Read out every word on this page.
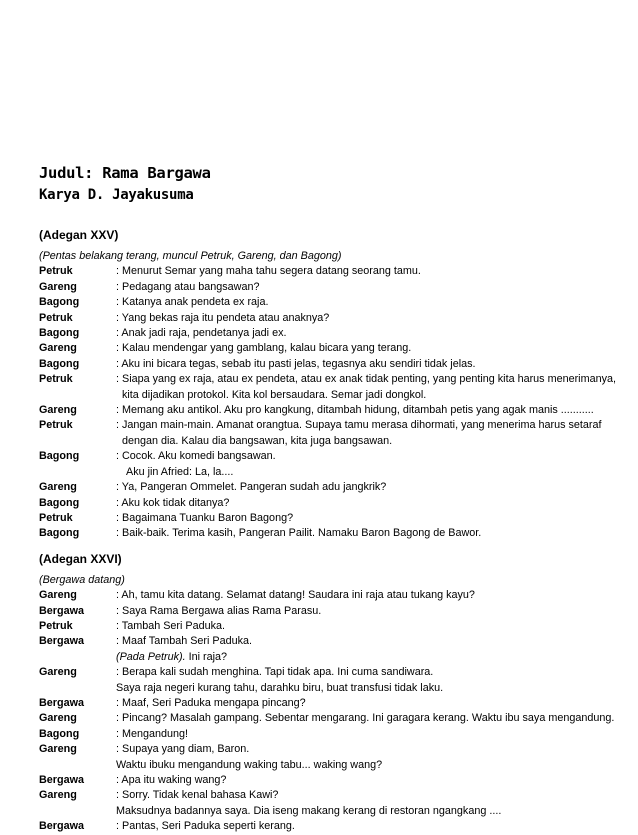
Judul: Rama Bargawa
Karya D. Jayakusuma
(Adegan XXV)
(Pentas belakang terang, muncul Petruk, Gareng, dan Bagong)
Petruk	: Menurut Semar yang maha tahu segera datang seorang tamu.
Gareng	: Pedagang atau bangsawan?
Bagong	: Katanya anak pendeta ex raja.
Petruk	: Yang bekas raja itu pendeta atau anaknya?
Bagong	: Anak jadi raja, pendetanya jadi ex.
Gareng	: Kalau mendengar yang gamblang, kalau bicara yang terang.
Bagong	: Aku ini bicara tegas, sebab itu pasti jelas, tegasnya aku sendiri tidak jelas.
Petruk	: Siapa yang ex raja, atau ex pendeta, atau ex anak tidak penting, yang penting kita harus menerimanya,
kita dijadikan protokol. Kita kol bersaudara. Semar jadi dongkol.
Gareng	: Memang aku antikol. Aku pro kangkung, ditambah hidung, ditambah petis yang agak manis ...........
Petruk	: Jangan main-main. Amanat orangtua. Supaya tamu merasa dihormati, yang menerima harus setaraf
dengan dia. Kalau dia bangsawan, kita juga bangsawan.
Bagong	: Cocok. Aku komedi bangsawan.
Aku jin Afried: La, la....
Gareng	: Ya, Pangeran Ommelet. Pangeran sudah adu jangkrik?
Bagong	: Aku kok tidak ditanya?
Petruk	: Bagaimana Tuanku Baron Bagong?
Bagong	: Baik-baik. Terima kasih, Pangeran Pailit. Namaku Baron Bagong de Bawor.
(Adegan XXVI)
(Bergawa datang)
Gareng	: Ah, tamu kita datang. Selamat datang! Saudara ini raja atau tukang kayu?
Bergawa	: Saya Rama Bergawa alias Rama Parasu.
Petruk	: Tambah Seri Paduka.
Bergawa	: Maaf Tambah Seri Paduka.
(Pada Petruk). Ini raja?
Gareng	: Berapa kali sudah menghina. Tapi tidak apa. Ini cuma sandiwara.
Saya raja negeri kurang tahu, darahku biru, buat transfusi tidak laku.
Bergawa	: Maaf, Seri Paduka mengapa pincang?
Gareng	: Pincang? Masalah gampang. Sebentar mengarang. Ini garagara kerang. Waktu ibu saya mengandung.
Bagong	: Mengandung!
Gareng	: Supaya yang diam, Baron.
Waktu ibuku mengandung waking tabu... waking wang?
Bergawa	: Apa itu waking wang?
Gareng	: Sorry. Tidak kenal bahasa Kawi?
Maksudnya badannya saya. Dia iseng makang kerang di restoran ngangkang ....
Bergawa	: Pantas, Seri Paduka seperti kerang.
